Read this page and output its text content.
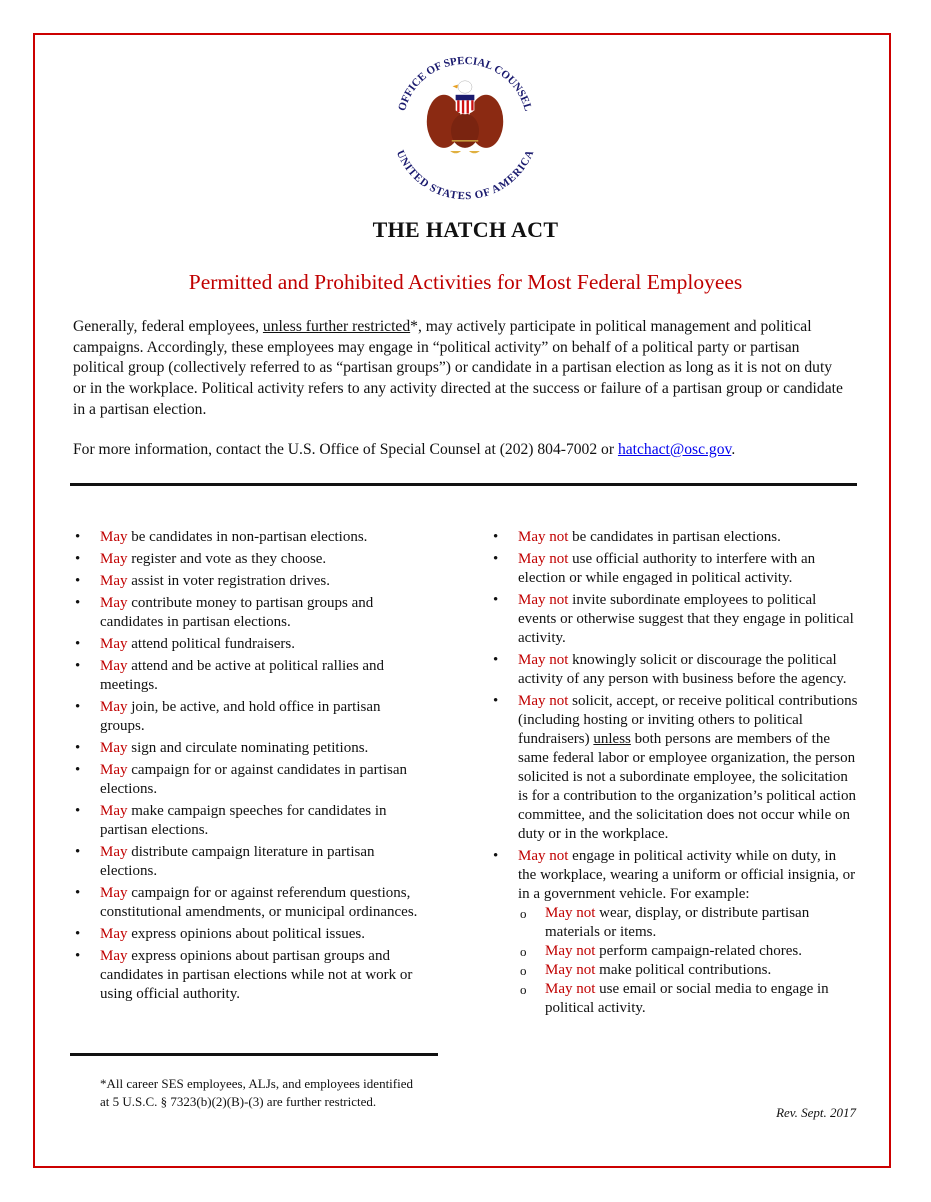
OFFICE OF SPECIAL COUNSEL
UNITED STATES OF AMERICA
THE HATCH ACT
Permitted and Prohibited Activities for Most Federal Employees

Generally, federal employees, unless further restricted*, may actively participate in political management and political campaigns. Accordingly, these employees may engage in “political activity” on behalf of a political party or partisan political group (collectively referred to as “partisan groups”) or candidate in a partisan election as long as it is not on duty or in the workplace. Political activity refers to any activity directed at the success or failure of a partisan group or candidate in a partisan election.

For more information, contact the U.S. Office of Special Counsel at (202) 804-7002 or hatchact@osc.gov.

• May be candidates in non-partisan elections.
• May register and vote as they choose.
• May assist in voter registration drives.
• May contribute money to partisan groups and candidates in partisan elections.
• May attend political fundraisers.
• May attend and be active at political rallies and meetings.
• May join, be active, and hold office in partisan groups.
• May sign and circulate nominating petitions.
• May campaign for or against candidates in partisan elections.
• May make campaign speeches for candidates in partisan elections.
• May distribute campaign literature in partisan elections.
• May campaign for or against referendum questions, constitutional amendments, or municipal ordinances.
• May express opinions about political issues.
• May express opinions about partisan groups and candidates in partisan elections while not at work or using official authority.
• May not be candidates in partisan elections.
• May not use official authority to interfere with an election or while engaged in political activity.
• May not invite subordinate employees to political events or otherwise suggest that they engage in political activity.
• May not knowingly solicit or discourage the political activity of any person with business before the agency.
• May not solicit, accept, or receive political contributions (including hosting or inviting others to political fundraisers) unless both persons are members of the same federal labor or employee organization, the person solicited is not a subordinate employee, the solicitation is for a contribution to the organization’s political action committee, and the solicitation does not occur while on duty or in the workplace.
• May not engage in political activity while on duty, in the workplace, wearing a uniform or official insignia, or in a government vehicle. For example:
o May not wear, display, or distribute partisan materials or items.
o May not perform campaign-related chores.
o May not make political contributions.
o May not use email or social media to engage in political activity.

*All career SES employees, ALJs, and employees identified at 5 U.S.C. § 7323(b)(2)(B)-(3) are further restricted.

Rev. Sept. 2017
